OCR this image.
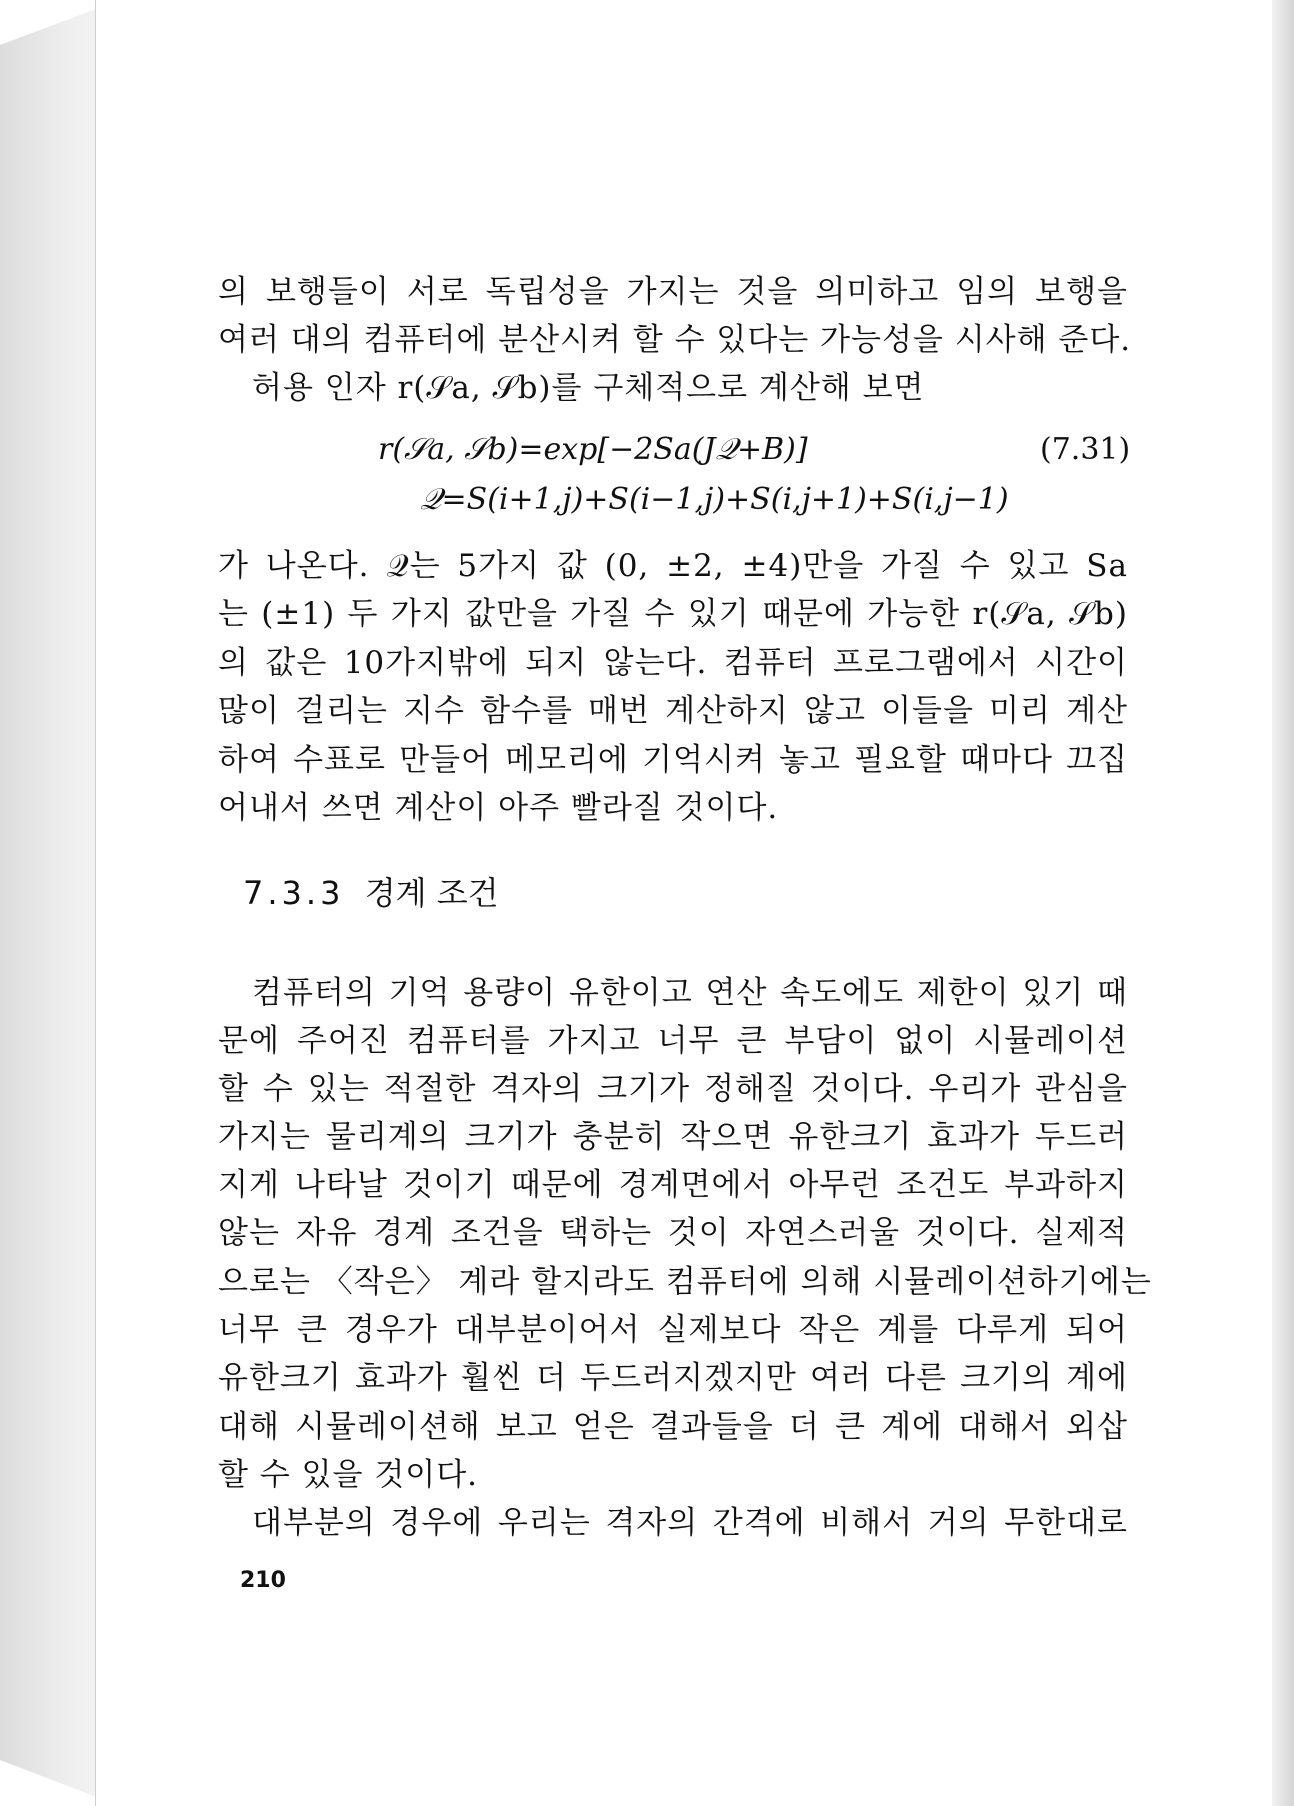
의 보행들이 서로 독립성을 가지는 것을 의미하고 임의 보행을
여러 대의 컴퓨터에 분산시켜 할 수 있다는 가능성을 시사해 준다.
허용 인자 r(𝒮a, 𝒮b)를 구체적으로 계산해 보면
r(𝒮a, 𝒮b)=exp[−2Sa(J𝒬+B)]	(7.31)
𝒬=S(i+1,j)+S(i−1,j)+S(i,j+1)+S(i,j−1)
가 나온다. 𝒬는 5가지 값 (0, ±2, ±4)만을 가질 수 있고 Sa
는 (±1) 두 가지 값만을 가질 수 있기 때문에 가능한 r(𝒮a, 𝒮b)
의 값은 10가지밖에 되지 않는다. 컴퓨터 프로그램에서 시간이
많이 걸리는 지수 함수를 매번 계산하지 않고 이들을 미리 계산
하여 수표로 만들어 메모리에 기억시켜 놓고 필요할 때마다 끄집
어내서 쓰면 계산이 아주 빨라질 것이다.
7.3.3 경계 조건
컴퓨터의 기억 용량이 유한이고 연산 속도에도 제한이 있기 때
문에 주어진 컴퓨터를 가지고 너무 큰 부담이 없이 시뮬레이션
할 수 있는 적절한 격자의 크기가 정해질 것이다. 우리가 관심을
가지는 물리계의 크기가 충분히 작으면 유한크기 효과가 두드러
지게 나타날 것이기 때문에 경계면에서 아무런 조건도 부과하지
않는 자유 경계 조건을 택하는 것이 자연스러울 것이다. 실제적
으로는 〈작은〉 계라 할지라도 컴퓨터에 의해 시뮬레이션하기에는
너무 큰 경우가 대부분이어서 실제보다 작은 계를 다루게 되어
유한크기 효과가 훨씬 더 두드러지겠지만 여러 다른 크기의 계에
대해 시뮬레이션해 보고 얻은 결과들을 더 큰 계에 대해서 외삽
할 수 있을 것이다.
대부분의 경우에 우리는 격자의 간격에 비해서 거의 무한대로
210
